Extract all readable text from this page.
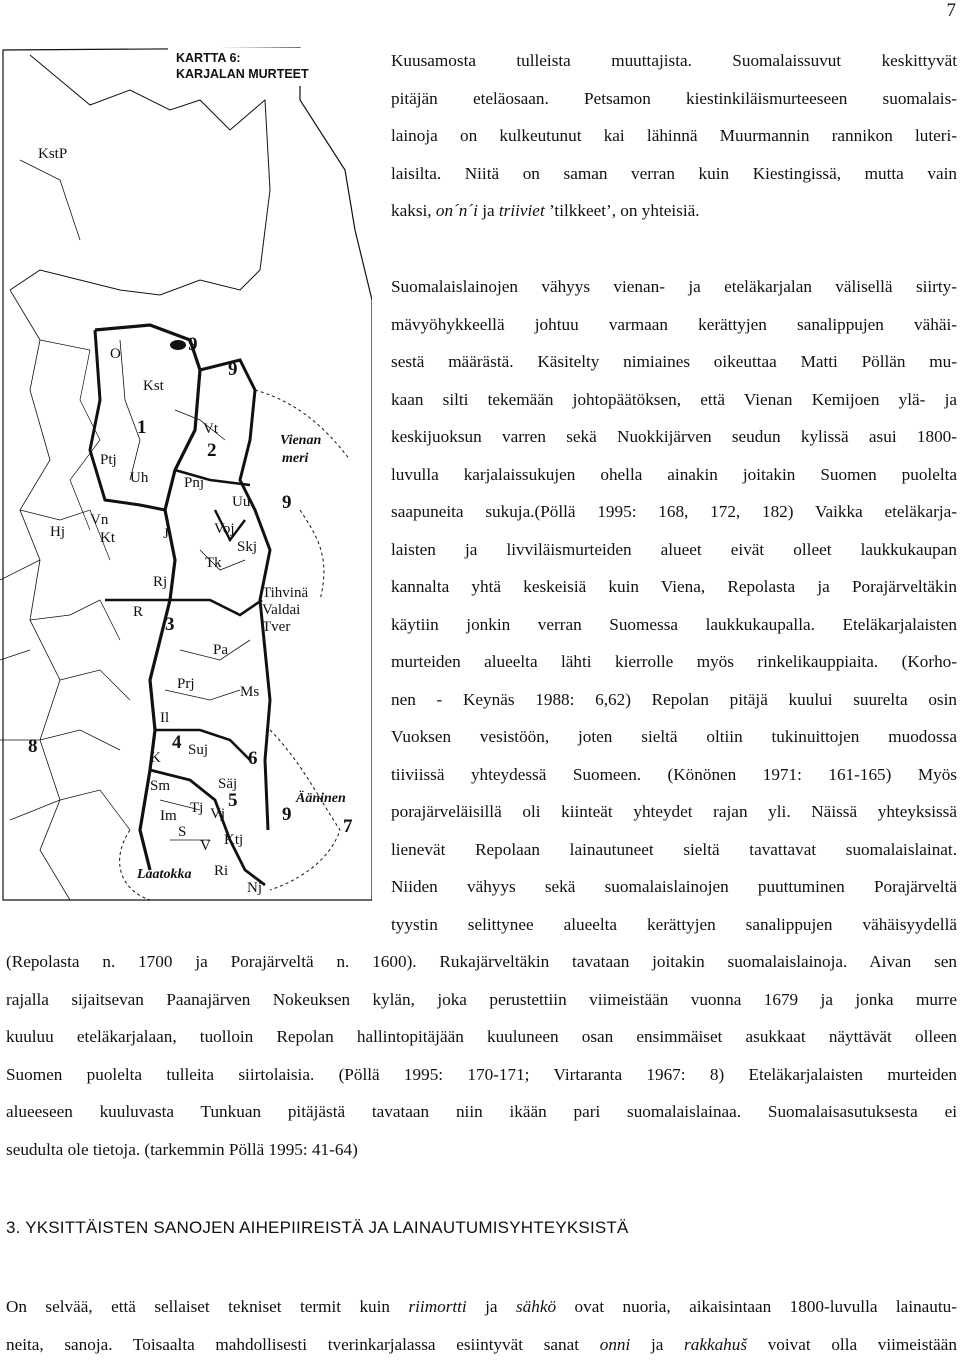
7
KARTTA 6:
KARJALAN MURTEET
KstP
O	9
9
Kst
1	Vt
Vienan
meri
Ptj	2
Uh Pnj
Uu 9
Hj
Vn
Kt	J	Voj
Skj
Tk
Rj
Tihvinä
Valdai
Tver
R
3
Pa
Prj	Ms
Il
8	4
K Suj 6
Sm	Säj
5	Ääninen
Tj
Im Vj	9
7
S	Ktj
V
Laatokka Ri
Nj
Kuusamosta tulleista muuttajista. Suomalaissuvut keskittyvät
pitäjän eteläosaan. Petsamon kiestinkiläismurteeseen suomalais-
lainoja on kulkeutunut kai lähinnä Muurmannin rannikon luteri-
laisilta. Niitä on saman verran kuin Kiestingissä, mutta vain
kaksi, on´n´i ja triiviet ’tilkkeet’, on yhteisiä.
Suomalaislainojen vähyys vienan- ja eteläkarjalan välisellä siirty-
mävyöhykkeellä johtuu varmaan kerättyjen sanalippujen vähäi-
sestä määrästä. Käsitelty nimiaines oikeuttaa Matti Pöllän mu-
kaan silti tekemään johtopäätöksen, että Vienan Kemijoen ylä- ja
keskijuoksun varren sekä Nuokkijärven seudun kylissä asui 1800-
luvulla karjalaissukujen ohella ainakin joitakin Suomen puolelta
saapuneita sukuja.(Pöllä 1995: 168, 172, 182) Vaikka eteläkarja-
laisten ja livviläismurteiden alueet eivät olleet laukkukaupan
kannalta yhtä keskeisiä kuin Viena, Repolasta ja Porajärveltäkin
käytiin jonkin verran Suomessa laukkukaupalla. Eteläkarjalaisten
murteiden alueelta lähti kierrolle myös rinkelikauppiaita. (Korho-
nen - Keynäs 1988: 6,62) Repolan pitäjä kuului suurelta osin
Vuoksen vesistöön, joten sieltä oltiin tukinuittojen muodossa
tiiviissä yhteydessä Suomeen. (Könönen 1971: 161-165) Myös
porajärveläisillä oli kiinteät yhteydet rajan yli. Näissä yhteyksissä
lienevät Repolaan lainautuneet sieltä tavattavat suomalaislainat.
Niiden vähyys sekä suomalaislainojen puuttuminen Porajärveltä
tyystin selittynee alueelta kerättyjen sanalippujen vähäisyydellä
(Repolasta n. 1700 ja Porajärveltä n. 1600). Rukajärveltäkin tavataan joitakin suomalaislainoja. Aivan sen
rajalla sijaitsevan Paanajärven Nokeuksen kylän, joka perustettiin viimeistään vuonna 1679 ja jonka murre
kuuluu eteläkarjalaan, tuolloin Repolan hallintopitäjään kuuluneen osan ensimmäiset asukkaat näyttävät olleen
Suomen puolelta tulleita siirtolaisia. (Pöllä 1995: 170-171; Virtaranta 1967: 8) Eteläkarjalaisten murteiden
alueeseen kuuluvasta Tunkuan pitäjästä tavataan niin ikään pari suomalaislainaa. Suomalaisasutuksesta ei
seudulta ole tietoja. (tarkemmin Pöllä 1995: 41-64)
3. YKSITTÄISTEN SANOJEN AIHEPIIREISTÄ JA LAINAUTUMISYHTEYKSISTÄ
On selvää, että sellaiset tekniset termit kuin riimortti ja sähkö ovat nuoria, aikaisintaan 1800-luvulla lainautu-
neita, sanoja. Toisaalta mahdollisesti tverinkarjalassa esiintyvät sanat onni ja rakkahuš voivat olla viimeistään
